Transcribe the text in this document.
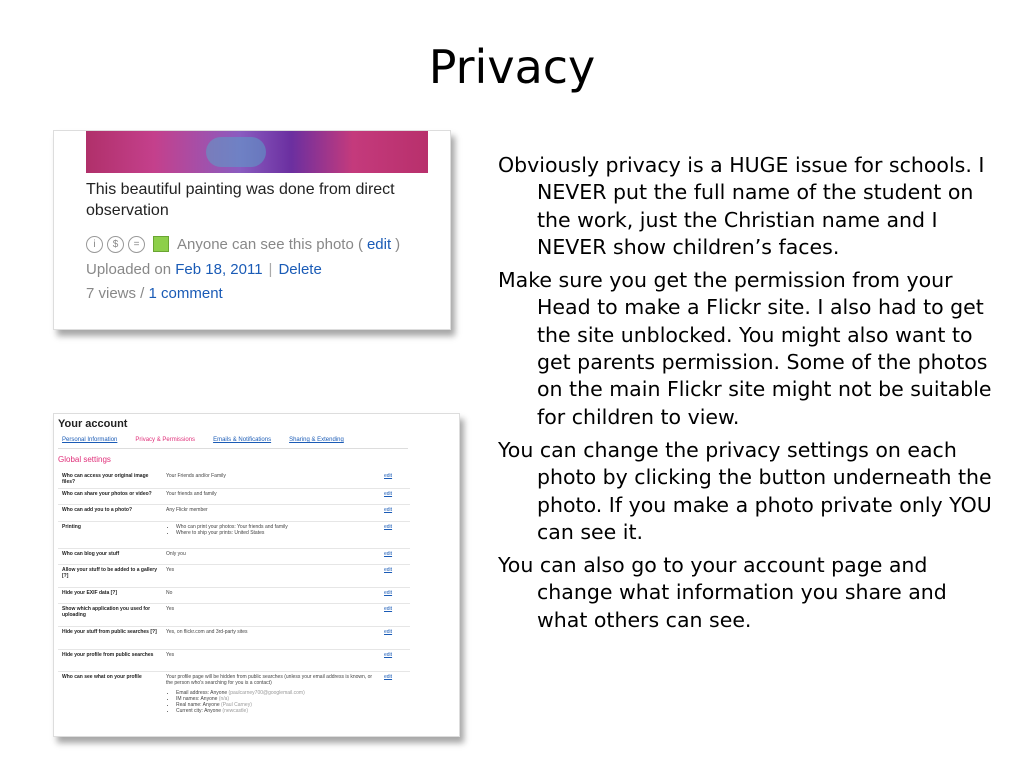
Privacy
This beautiful painting was done from direct observation
i	$	=	Anyone can see this photo ( edit )
Uploaded on Feb 18, 2011 | Delete
7 views / 1 comment
Your account
Personal Information	Privacy & Permissions	Emails & Notifications	Sharing & Extending
Global settings
Who can access your original image files?
Your Friends and/or Family	edit
Who can share your photos or video?	Your friends and family	edit
Who can add you to a photo?	Any Flickr member	edit
Printing
•	Who can print your photos: Your friends and family
• Where to ship your prints: United States
edit
Who can blog your stuff	Only you	edit
Allow your stuff to be added to a gallery [?]
Yes	edit
Hide your EXIF data [?]	No	edit
Show which application you used for uploading
Yes	edit
Hide your stuff from public searches [?]	Yes, on flickr.com and 3rd-party sites	edit
Hide your profile from public searches	Yes	edit
Who can see what on your profile	Your profile page will be hidden from public searches (unless your email address is known, or the person who's searching for you is a contact)
• Email address: Anyone (paulcarney700@googlemail.com)
• IM names: Anyone (n/a)
• Real name: Anyone (Paul Carney)
• Current city: Anyone (newcastle)
edit

Obviously privacy is a HUGE issue for schools. I NEVER put the full name of the student on the work, just the Christian name and I NEVER show children’s faces.

Make sure you get the permission from your Head to make a Flickr site. I also had to get the site unblocked. You might also want to get parents permission. Some of the photos on the main Flickr site might not be suitable for children to view.

You can change the privacy settings on each photo by clicking the button underneath the photo. If you make a photo private only YOU can see it.

You can also go to your account page and change what information you share and what others can see.
